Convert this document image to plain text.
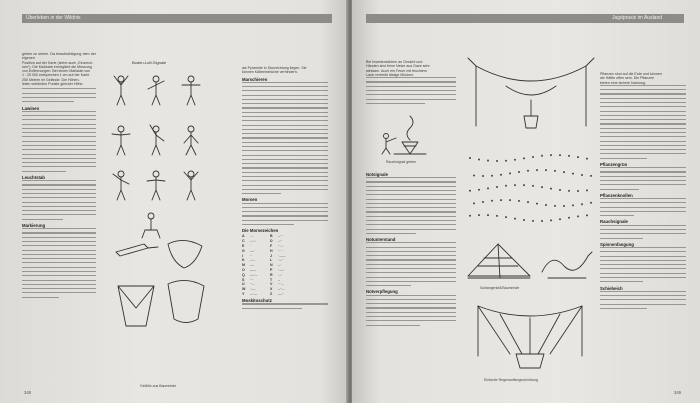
Überleben in der Wildnis
gehen zu sehen. Da beaufsichtigung dem der eigenen
Position auf der Karte (siehe auch „Einzeich-
nen“). Die Maßstab ermöglicht die Messung
von Entfernungen. Bei einem Maßstab von
1 : 25 000 entsprechen 1 cm auf der Karte
250 Metern im Gelände. Die Höhen-
linien verbinden Punkte gleicher Höhe.
Lawinen
Leuchtstab
Markierung
Boden-Luft-Signale
Gefäße aus Baumrinde
als Pyramide in Sturzrichtung liegen. Sie
können Kälteeinbrüche verhindern.
Marschieren
Morsen
Die Morsezeichen
A	·–	B	–···
C	–·–·	D	–··
E	·	F	··–·
G	––·	H	····
I	··	J	·–––
K	–·–	L	·–··
M	––	N	–·
O	–––	P	·––·
Q	––·–	R	·–·
S	···	T	–
U	··–	V	···–
W	·––	X	–··–
Y	–·––	Z	––··
Moskitoschutz
348
Jagdpraxis im Ausland
Bei Insektenstichen an Gesicht und
Händen sind feine Netze aus Gaze sehr
wirksam. Auch ein Feuer mit feuchtem
Laub vertreibt lästige Mücken.
Rauchsignal geben
Notsignale
Notunterstand
Notverpflegung
Schlangenbiß/Baumrinde
Einfache Regenauffangvorrichtung
Pflanzen sind auf die Erde und können
die Hälfte offen sein. Die Pflanzen
bieten eine sichere Nahrung.
Pflanzengrün
Pflanzenknollen
Rauchsignale
Spinnenfangung
Schiebeich
349
